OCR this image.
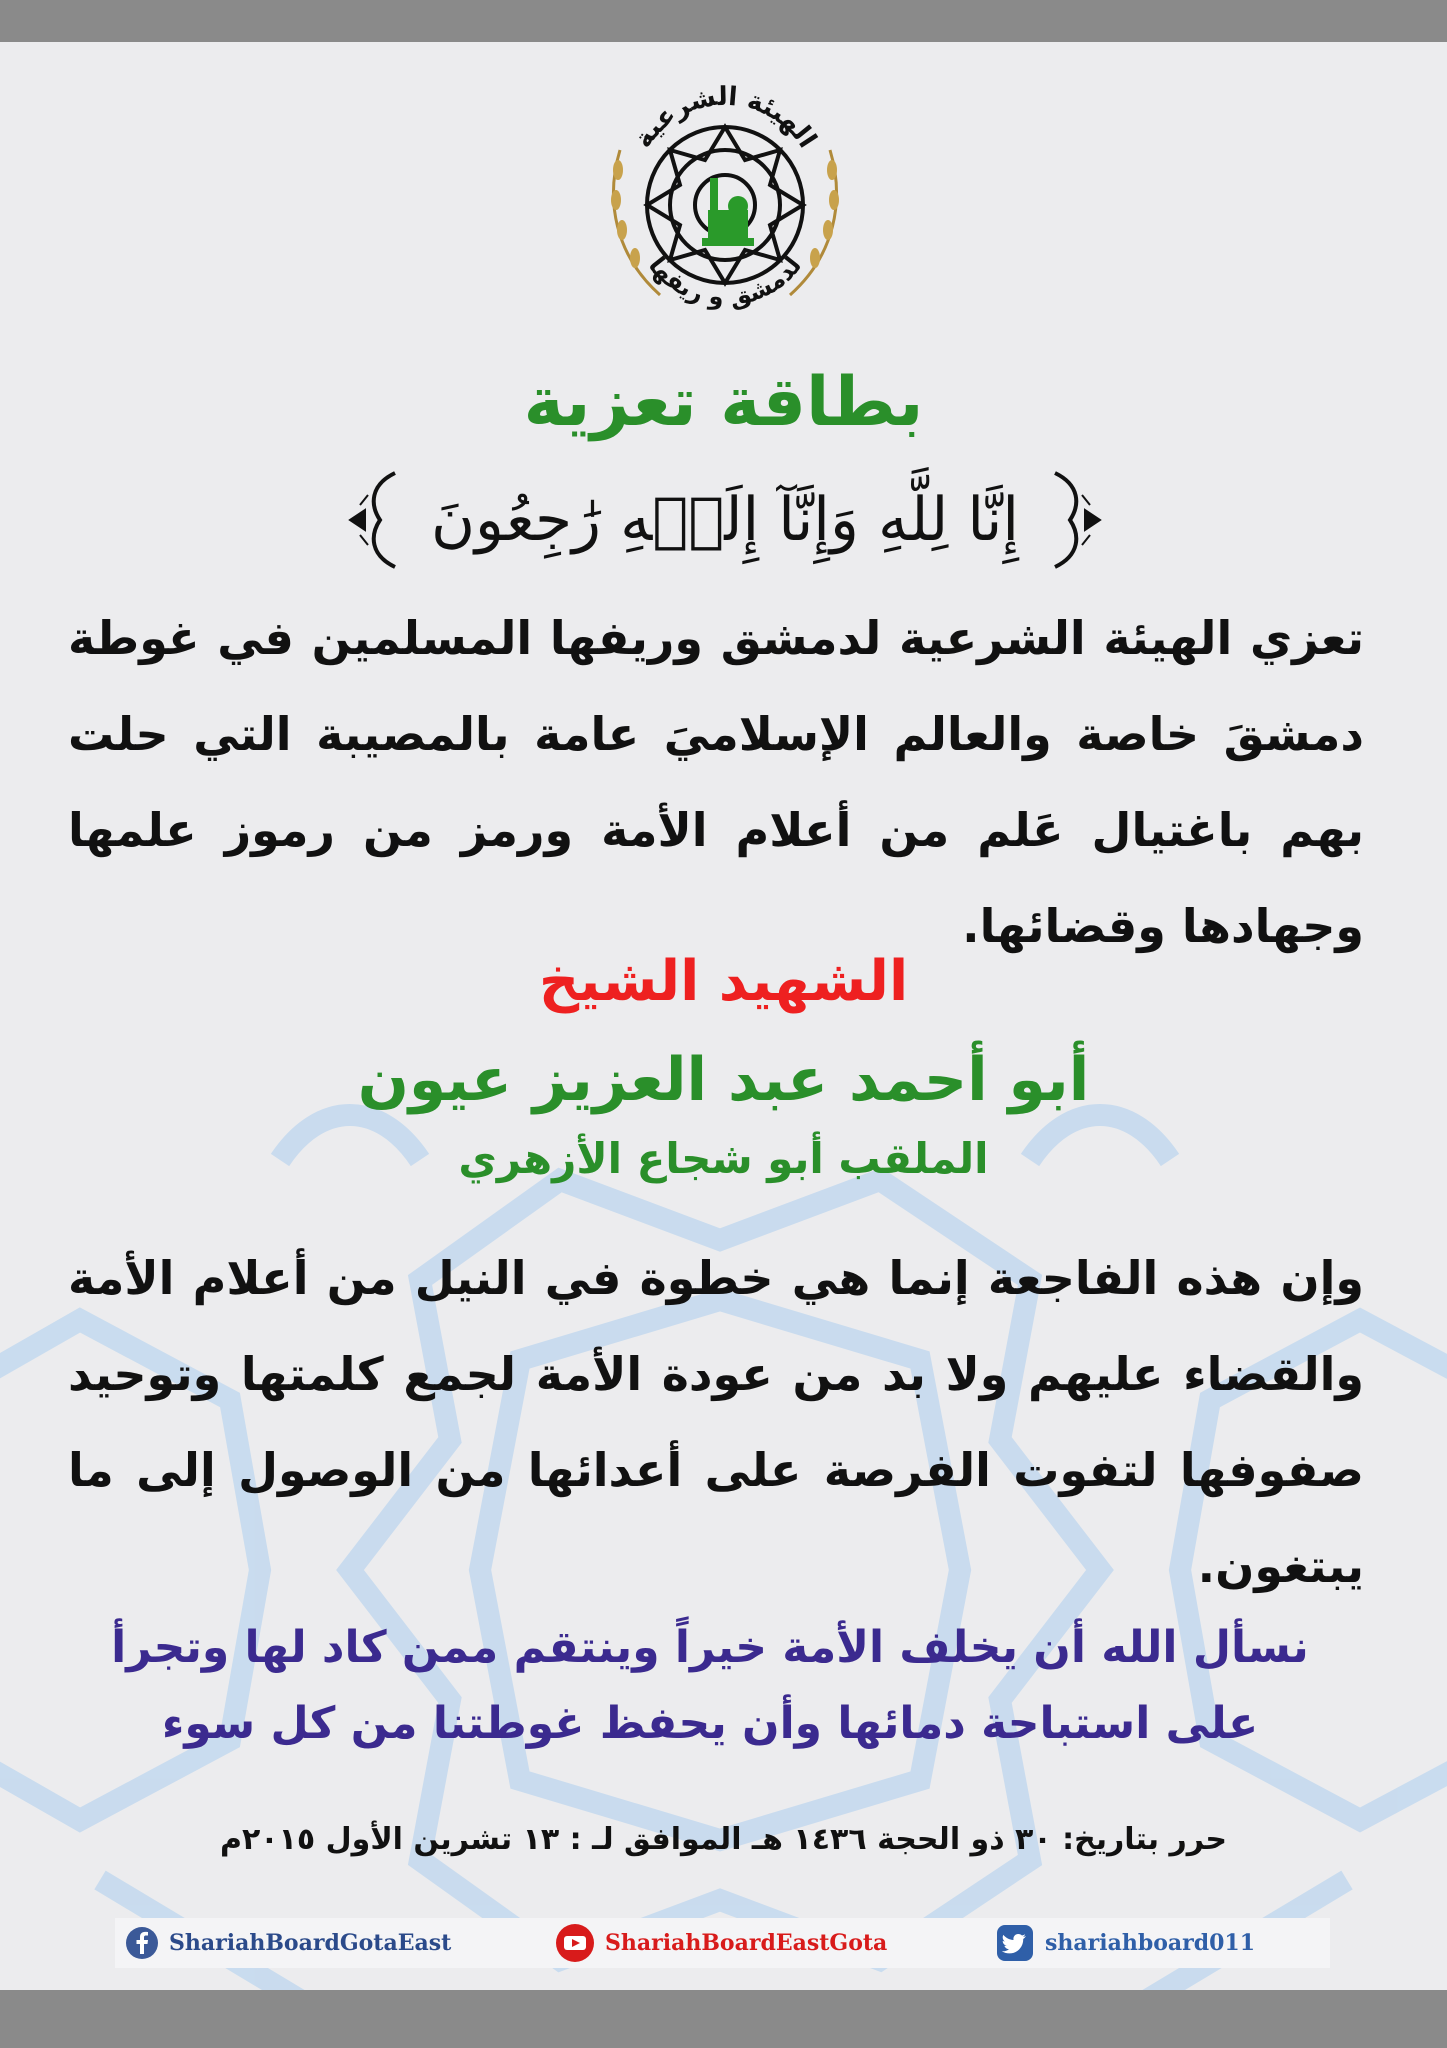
الهيئة الشرعية
لدمشق و ريفها
بطاقة تعزية
إِنَّا لِلَّهِ وَإِنَّآ إِلَيۡهِ رَٰجِعُونَ
تعزي الهيئة الشرعية لدمشق وريفها المسلمين في غوطة دمشقَ خاصة والعالم الإسلاميَ عامة بالمصيبة التي حلت بهم باغتيال عَلم من أعلام الأمة ورمز من رموز علمها وجهادها وقضائها.
الشهيد الشيخ
أبو أحمد عبد العزيز عيون
الملقب أبو شجاع الأزهري
وإن هذه الفاجعة إنما هي خطوة في النيل من أعلام الأمة والقضاء عليهم ولا بد من عودة الأمة لجمع كلمتها وتوحيد صفوفها لتفوت الفرصة على أعدائها من الوصول إلى ما يبتغون.
نسأل الله أن يخلف الأمة خيراً وينتقم ممن كاد لها وتجرأ على استباحة دمائها وأن يحفظ غوطتنا من كل سوء
حرر بتاريخ: ٣٠ ذو الحجة ١٤٣٦ هـ الموافق لـ : ١٣ تشرين الأول ٢٠١٥م
ShariahBoardGotaEast	ShariahBoardEastGota	shariahboard011
